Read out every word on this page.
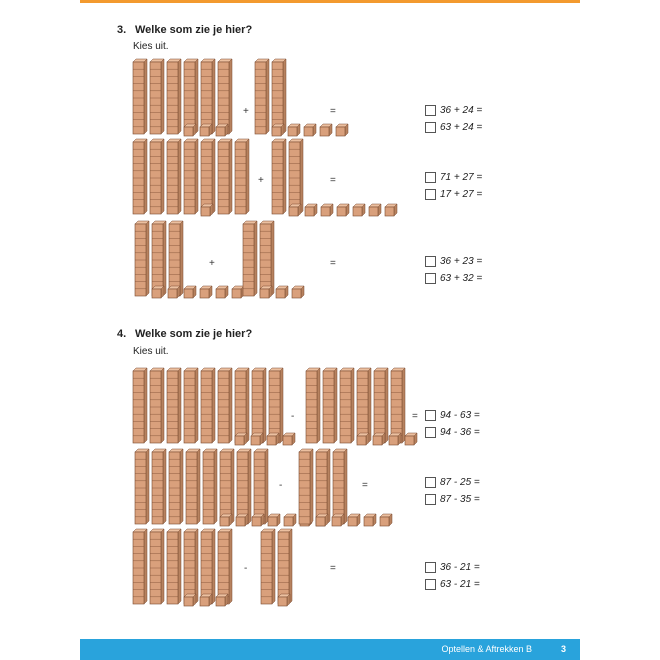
3. Welke som zie je hier?
Kies uit.
+	=	36 + 24 =
63 + 24 =
+	=	71 + 27 =
17 + 27 =
+	=	36 + 23 =
63 + 32 =
4. Welke som zie je hier?
Kies uit.
-	= 94 - 63 =
94 - 36 =
-	=	87 - 25 =
87 - 35 =
-	=	36 - 21 =
63 - 21 =
Optellen & Aftrekken B	3
